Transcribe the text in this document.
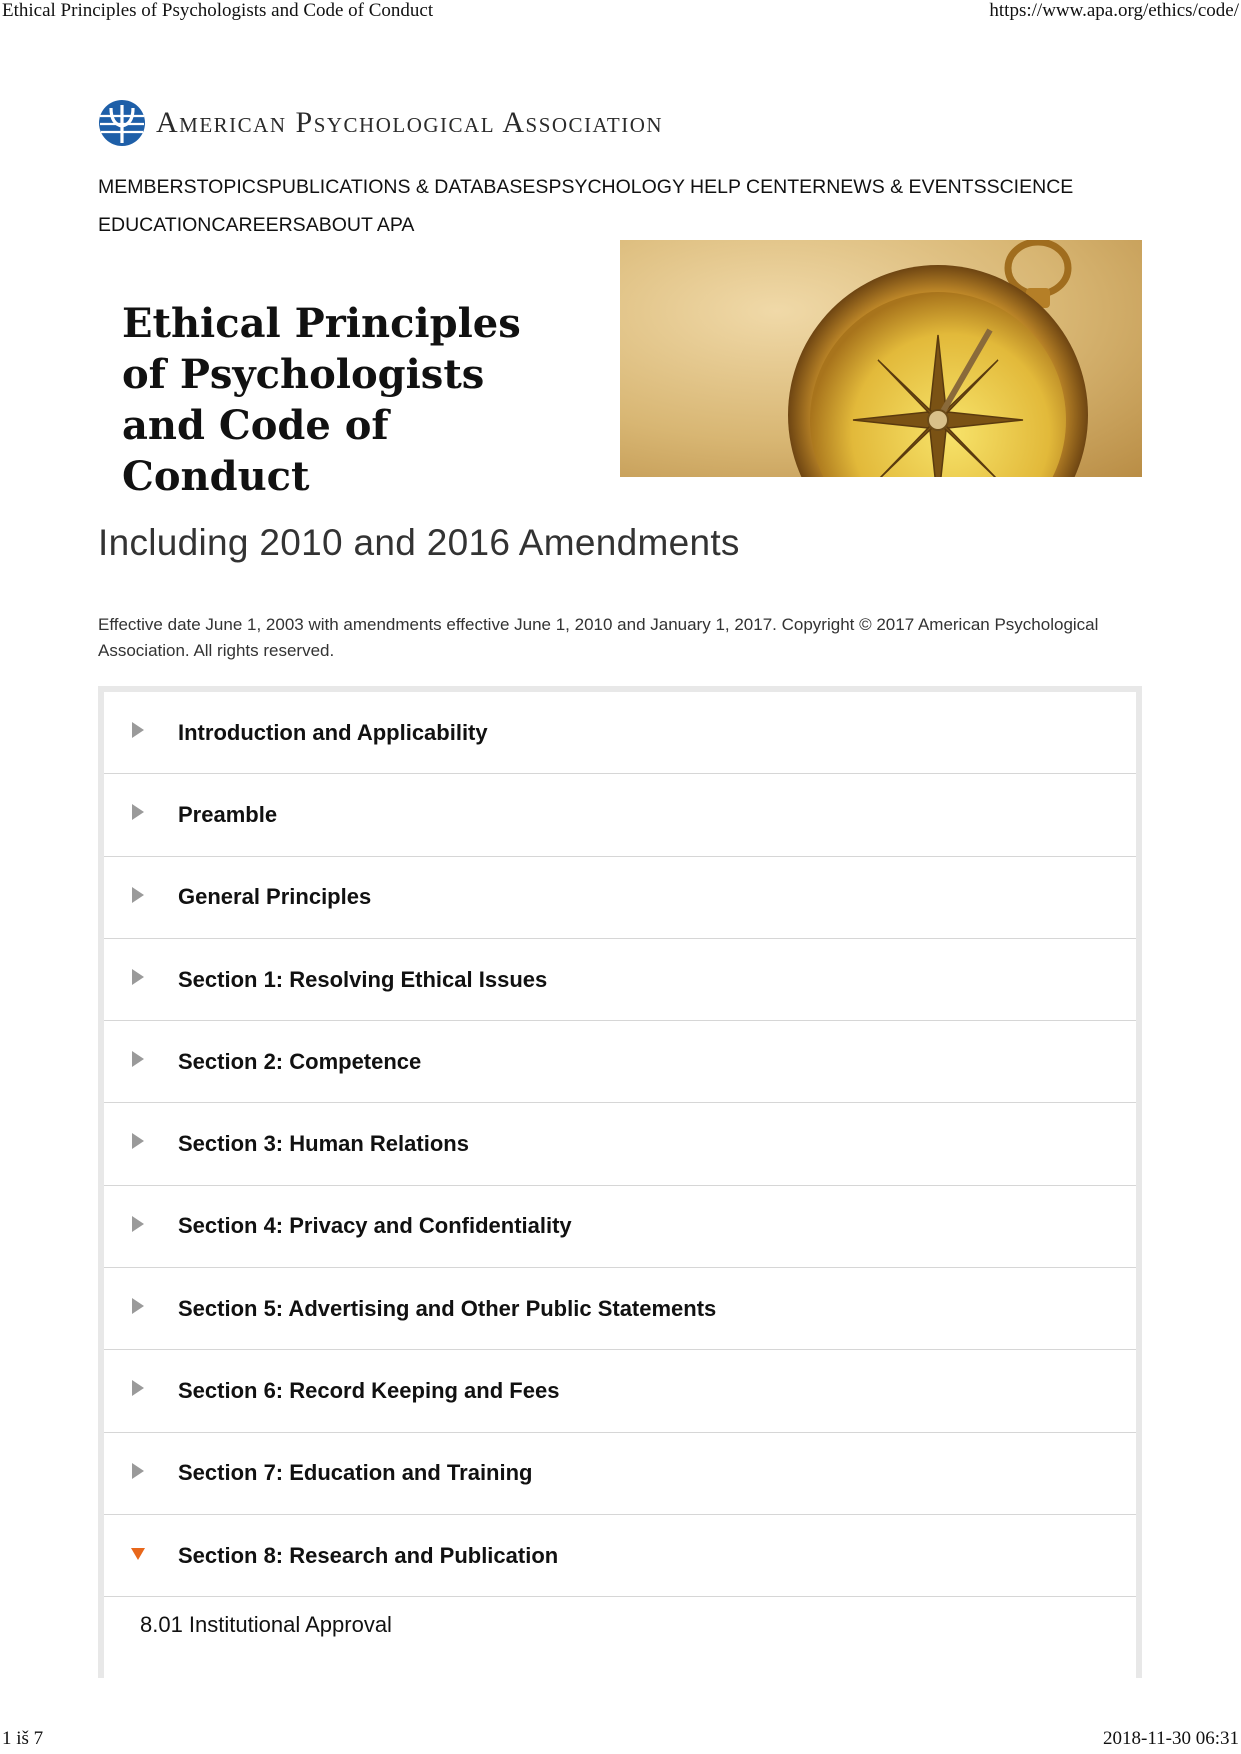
Ethical Principles of Psychologists and Code of Conduct	https://www.apa.org/ethics/code/
American Psychological Association
MEMBERSTOPICSPUBLICATIONS & DATABASESPSYCHOLOGY HELP CENTERNEWS & EVENTSSCIENCE
EDUCATIONCAREERSABOUT APA
Ethical Principles of Psychologists and Code of Conduct
Including 2010 and 2016 Amendments

Effective date June 1, 2003 with amendments effective June 1, 2010 and January 1, 2017. Copyright © 2017 American Psychological Association. All rights reserved.

Introduction and Applicability
Preamble
General Principles
Section 1: Resolving Ethical Issues
Section 2: Competence
Section 3: Human Relations
Section 4: Privacy and Confidentiality
Section 5: Advertising and Other Public Statements
Section 6: Record Keeping and Fees
Section 7: Education and Training
Section 8: Research and Publication
8.01 Institutional Approval
1 iš 7	2018-11-30 06:31
